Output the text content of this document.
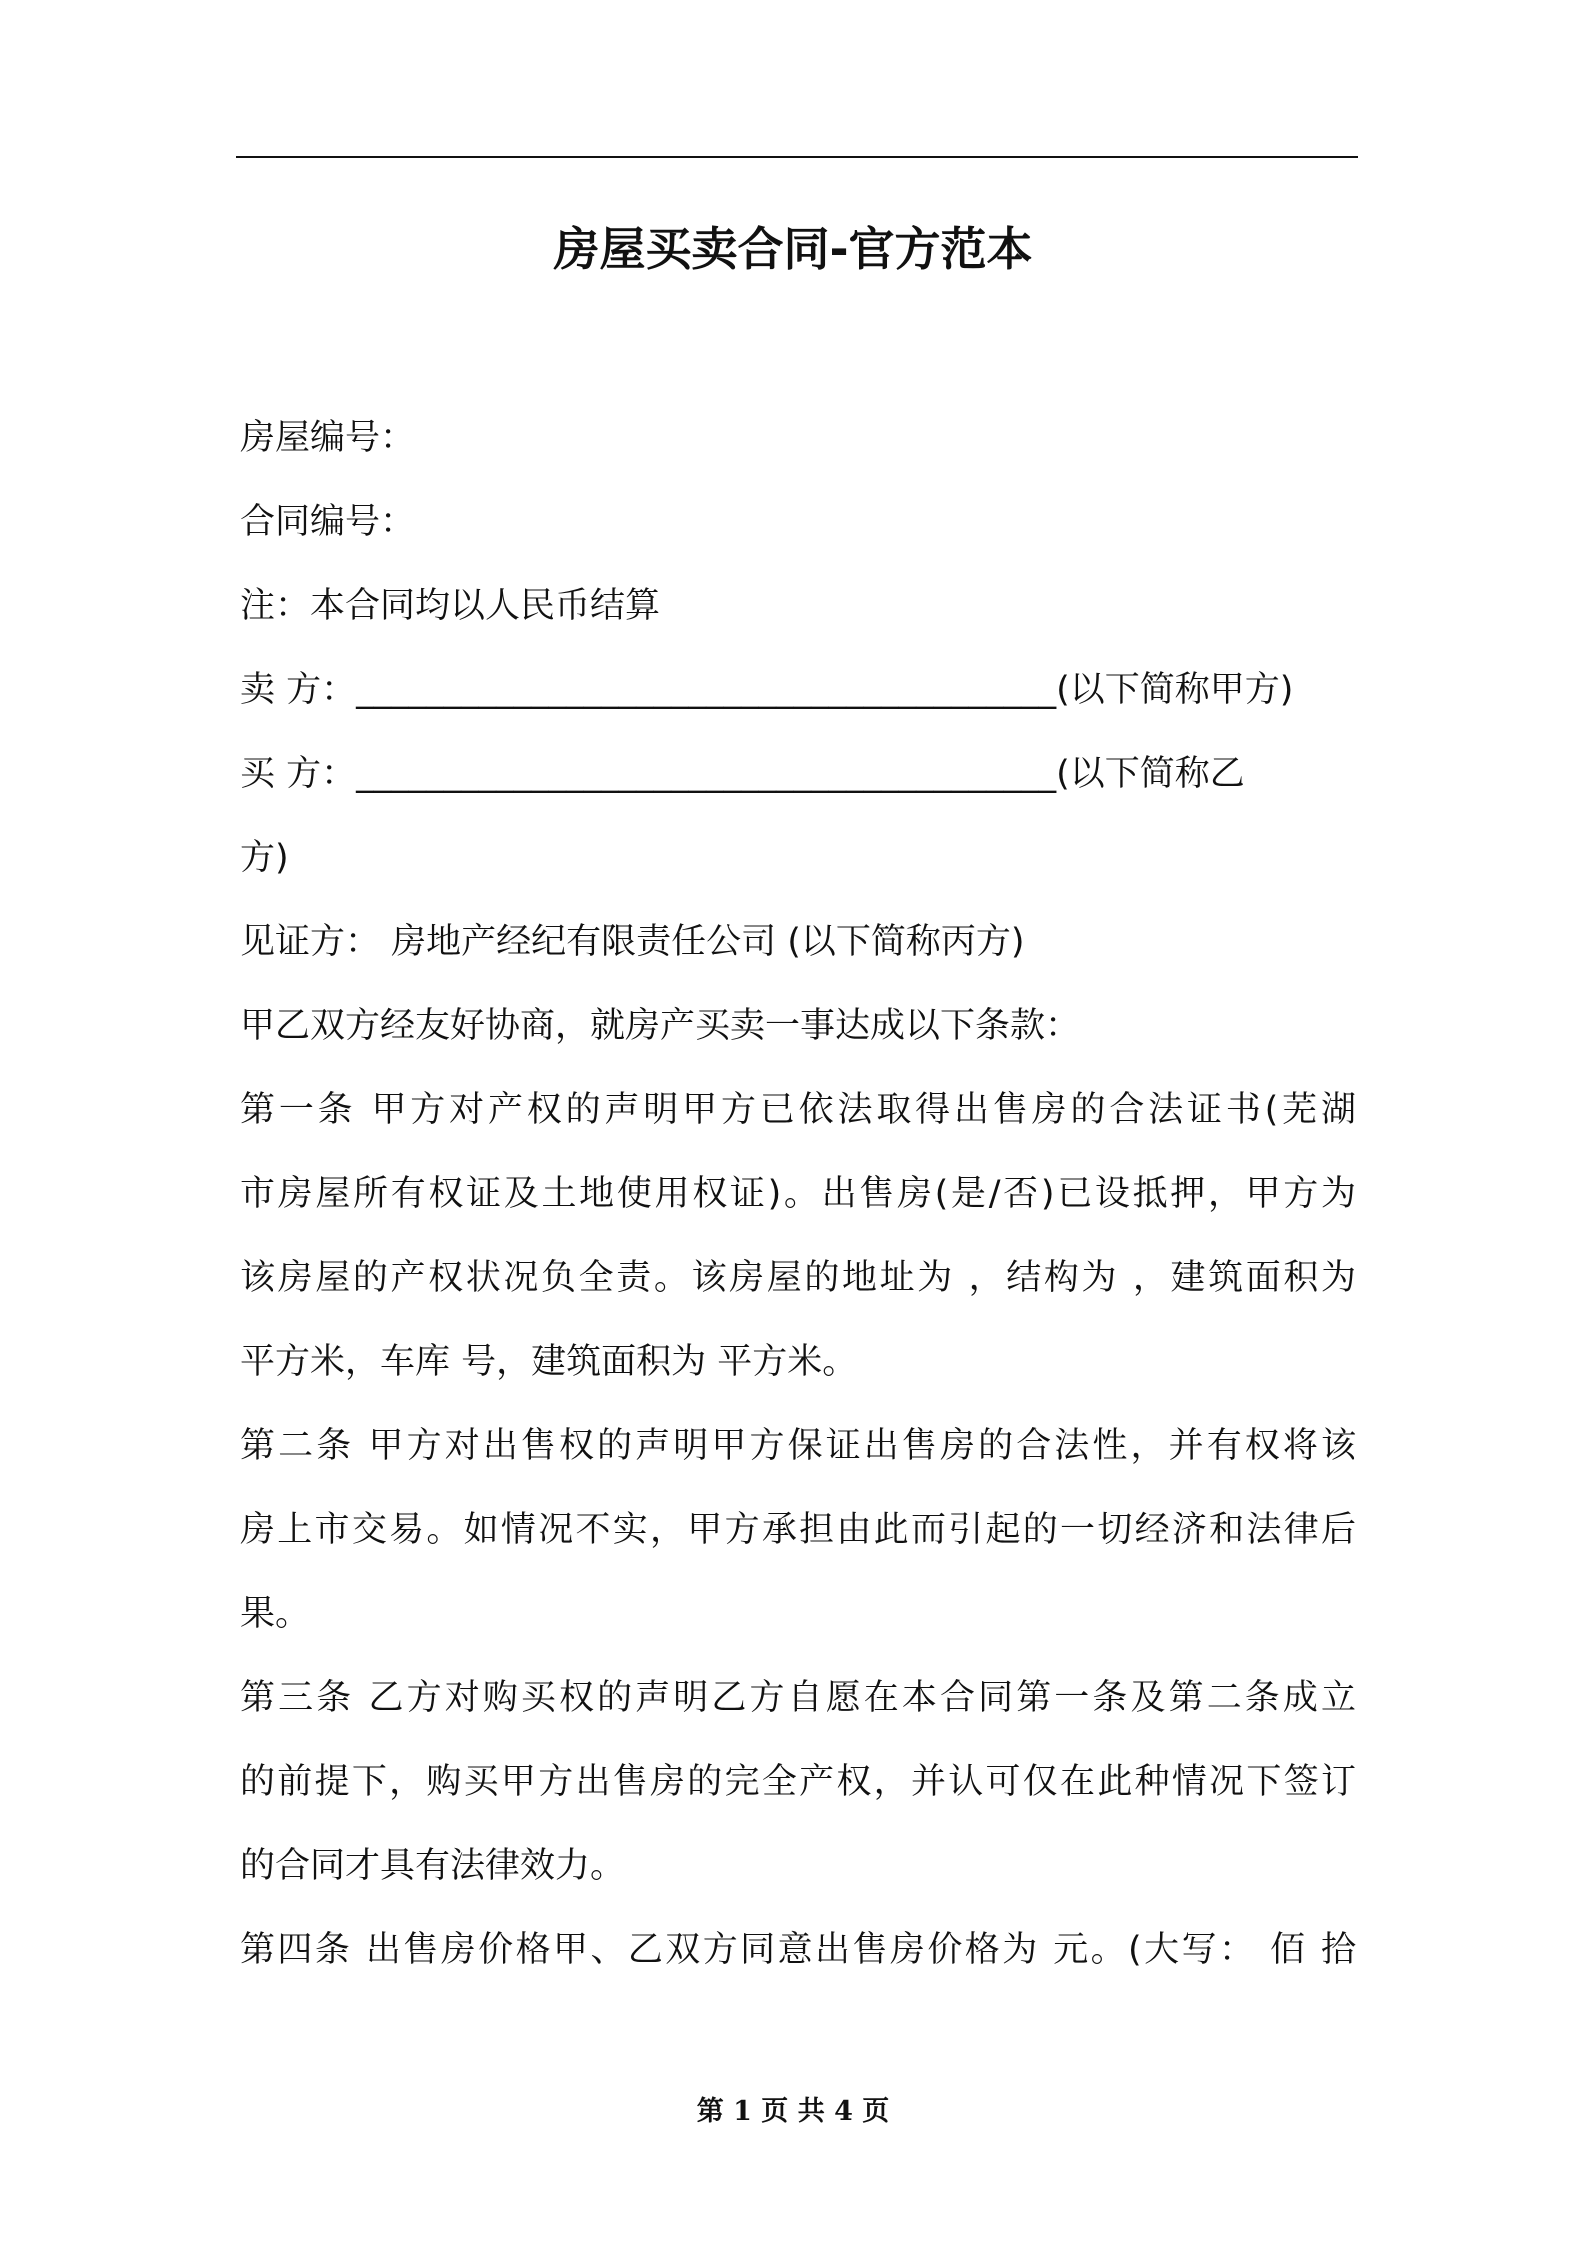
房屋买卖合同-官方范本
房屋编号：
合同编号：
注：本合同均以人民币结算
卖 方：________________________________________(以下简称甲方)
买 方：________________________________________(以下简称乙
方)
见证方： 房地产经纪有限责任公司 (以下简称丙方)
甲乙双方经友好协商，就房产买卖一事达成以下条款：
第一条 甲方对产权的声明甲方已依法取得出售房的合法证书(芜湖
市房屋所有权证及土地使用权证)。出售房(是/否)已设抵押，甲方为
该房屋的产权状况负全责。该房屋的地址为 ，结构为 ，建筑面积为
平方米，车库 号，建筑面积为 平方米。
第二条 甲方对出售权的声明甲方保证出售房的合法性，并有权将该
房上市交易。如情况不实，甲方承担由此而引起的一切经济和法律后
果。
第三条 乙方对购买权的声明乙方自愿在本合同第一条及第二条成立
的前提下，购买甲方出售房的完全产权，并认可仅在此种情况下签订
的合同才具有法律效力。
第四条 出售房价格甲、乙双方同意出售房价格为 元。(大写： 佰 拾
第 1 页 共 4 页
